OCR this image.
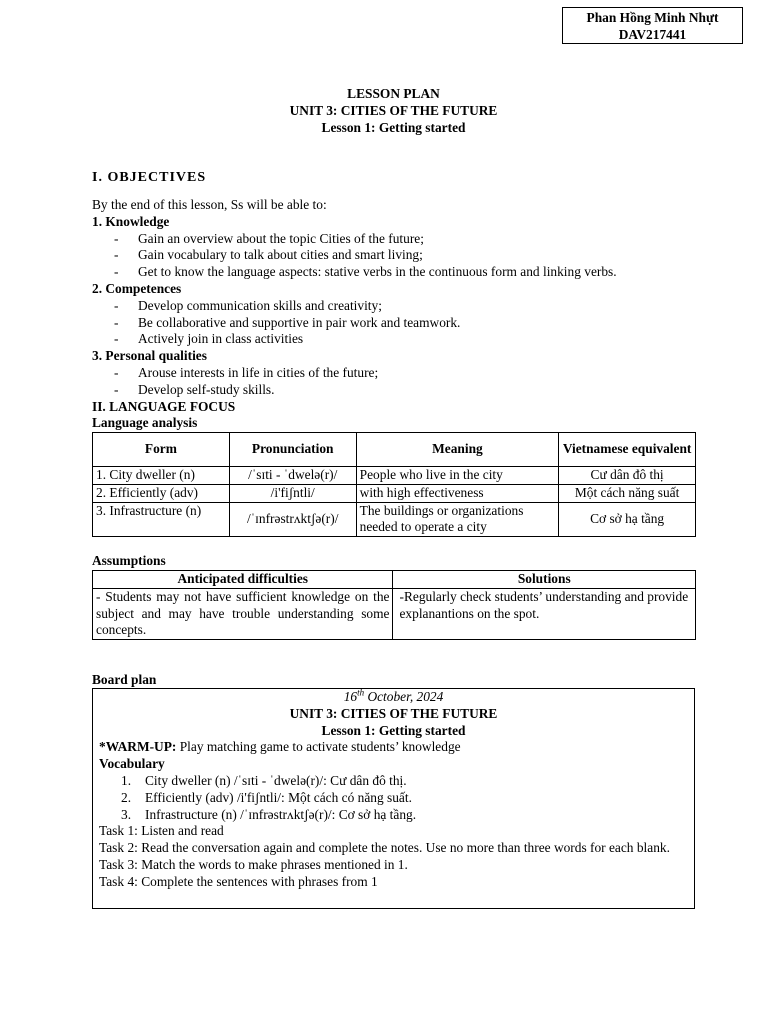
Phan Hồng Minh Nhựt
DAV217441
LESSON PLAN
UNIT 3: CITIES OF THE FUTURE
Lesson 1: Getting started
I. OBJECTIVES
By the end of this lesson, Ss will be able to:
1. Knowledge
- Gain an overview about the topic Cities of the future;
- Gain vocabulary to talk about cities and smart living;
- Get to know the language aspects: stative verbs in the continuous form and linking verbs.
2. Competences
- Develop communication skills and creativity;
- Be collaborative and supportive in pair work and teamwork.
- Actively join in class activities
3. Personal qualities
- Arouse interests in life in cities of the future;
- Develop self-study skills.
II. LANGUAGE FOCUS
Language analysis
Form	Pronunciation	Meaning	Vietnamese equivalent
1. City dweller (n)	/ˈsɪti - ˈdwelə(r)/	People who live in the city	Cư dân đô thị
2. Efficiently (adv)	/i'fiʃntli/	with high effectiveness	Một cách năng suất
3. Infrastructure (n)	/ˈɪnfrəstrʌktʃə(r)/	The buildings or organizations needed to operate a city	Cơ sở hạ tầng
Assumptions
Anticipated difficulties	Solutions
- Students may not have sufficient knowledge on the subject and may have trouble understanding some concepts.	-Regularly check students’ understanding and provide explanantions on the spot.
Board plan
16th October, 2024
UNIT 3: CITIES OF THE FUTURE
Lesson 1: Getting started
*WARM-UP: Play matching game to activate students’ knowledge
Vocabulary
1. City dweller (n) /ˈsɪti - ˈdwelə(r)/: Cư dân đô thị.
2. Efficiently (adv) /i'fiʃntli/: Một cách có năng suất.
3. Infrastructure (n) /ˈɪnfrəstrʌktʃə(r)/: Cơ sở hạ tầng.
Task 1: Listen and read
Task 2: Read the conversation again and complete the notes. Use no more than three words for each blank.
Task 3: Match the words to make phrases mentioned in 1.
Task 4: Complete the sentences with phrases from 1
